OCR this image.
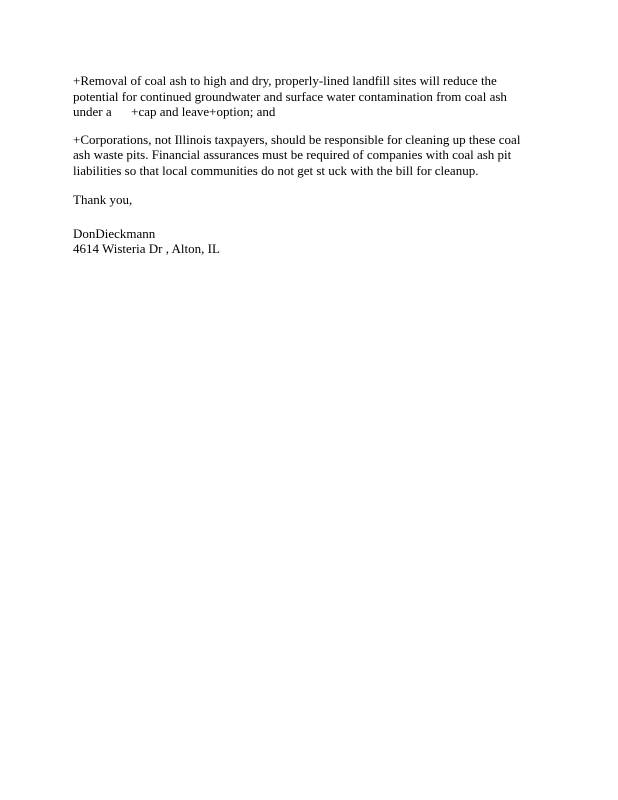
+Removal of coal ash to high and dry, properly-lined landfill sites will reduce the potential for continued groundwater and surface water contamination from coal ash under a      +cap and leave+option; and
+Corporations, not Illinois taxpayers, should be responsible for cleaning up these coal ash waste pits. Financial assurances must be required of companies with coal ash pit liabilities so that local communities do not get st uck with the bill for cleanup.
Thank you,
DonDieckmann
4614 Wisteria Dr , Alton, IL
